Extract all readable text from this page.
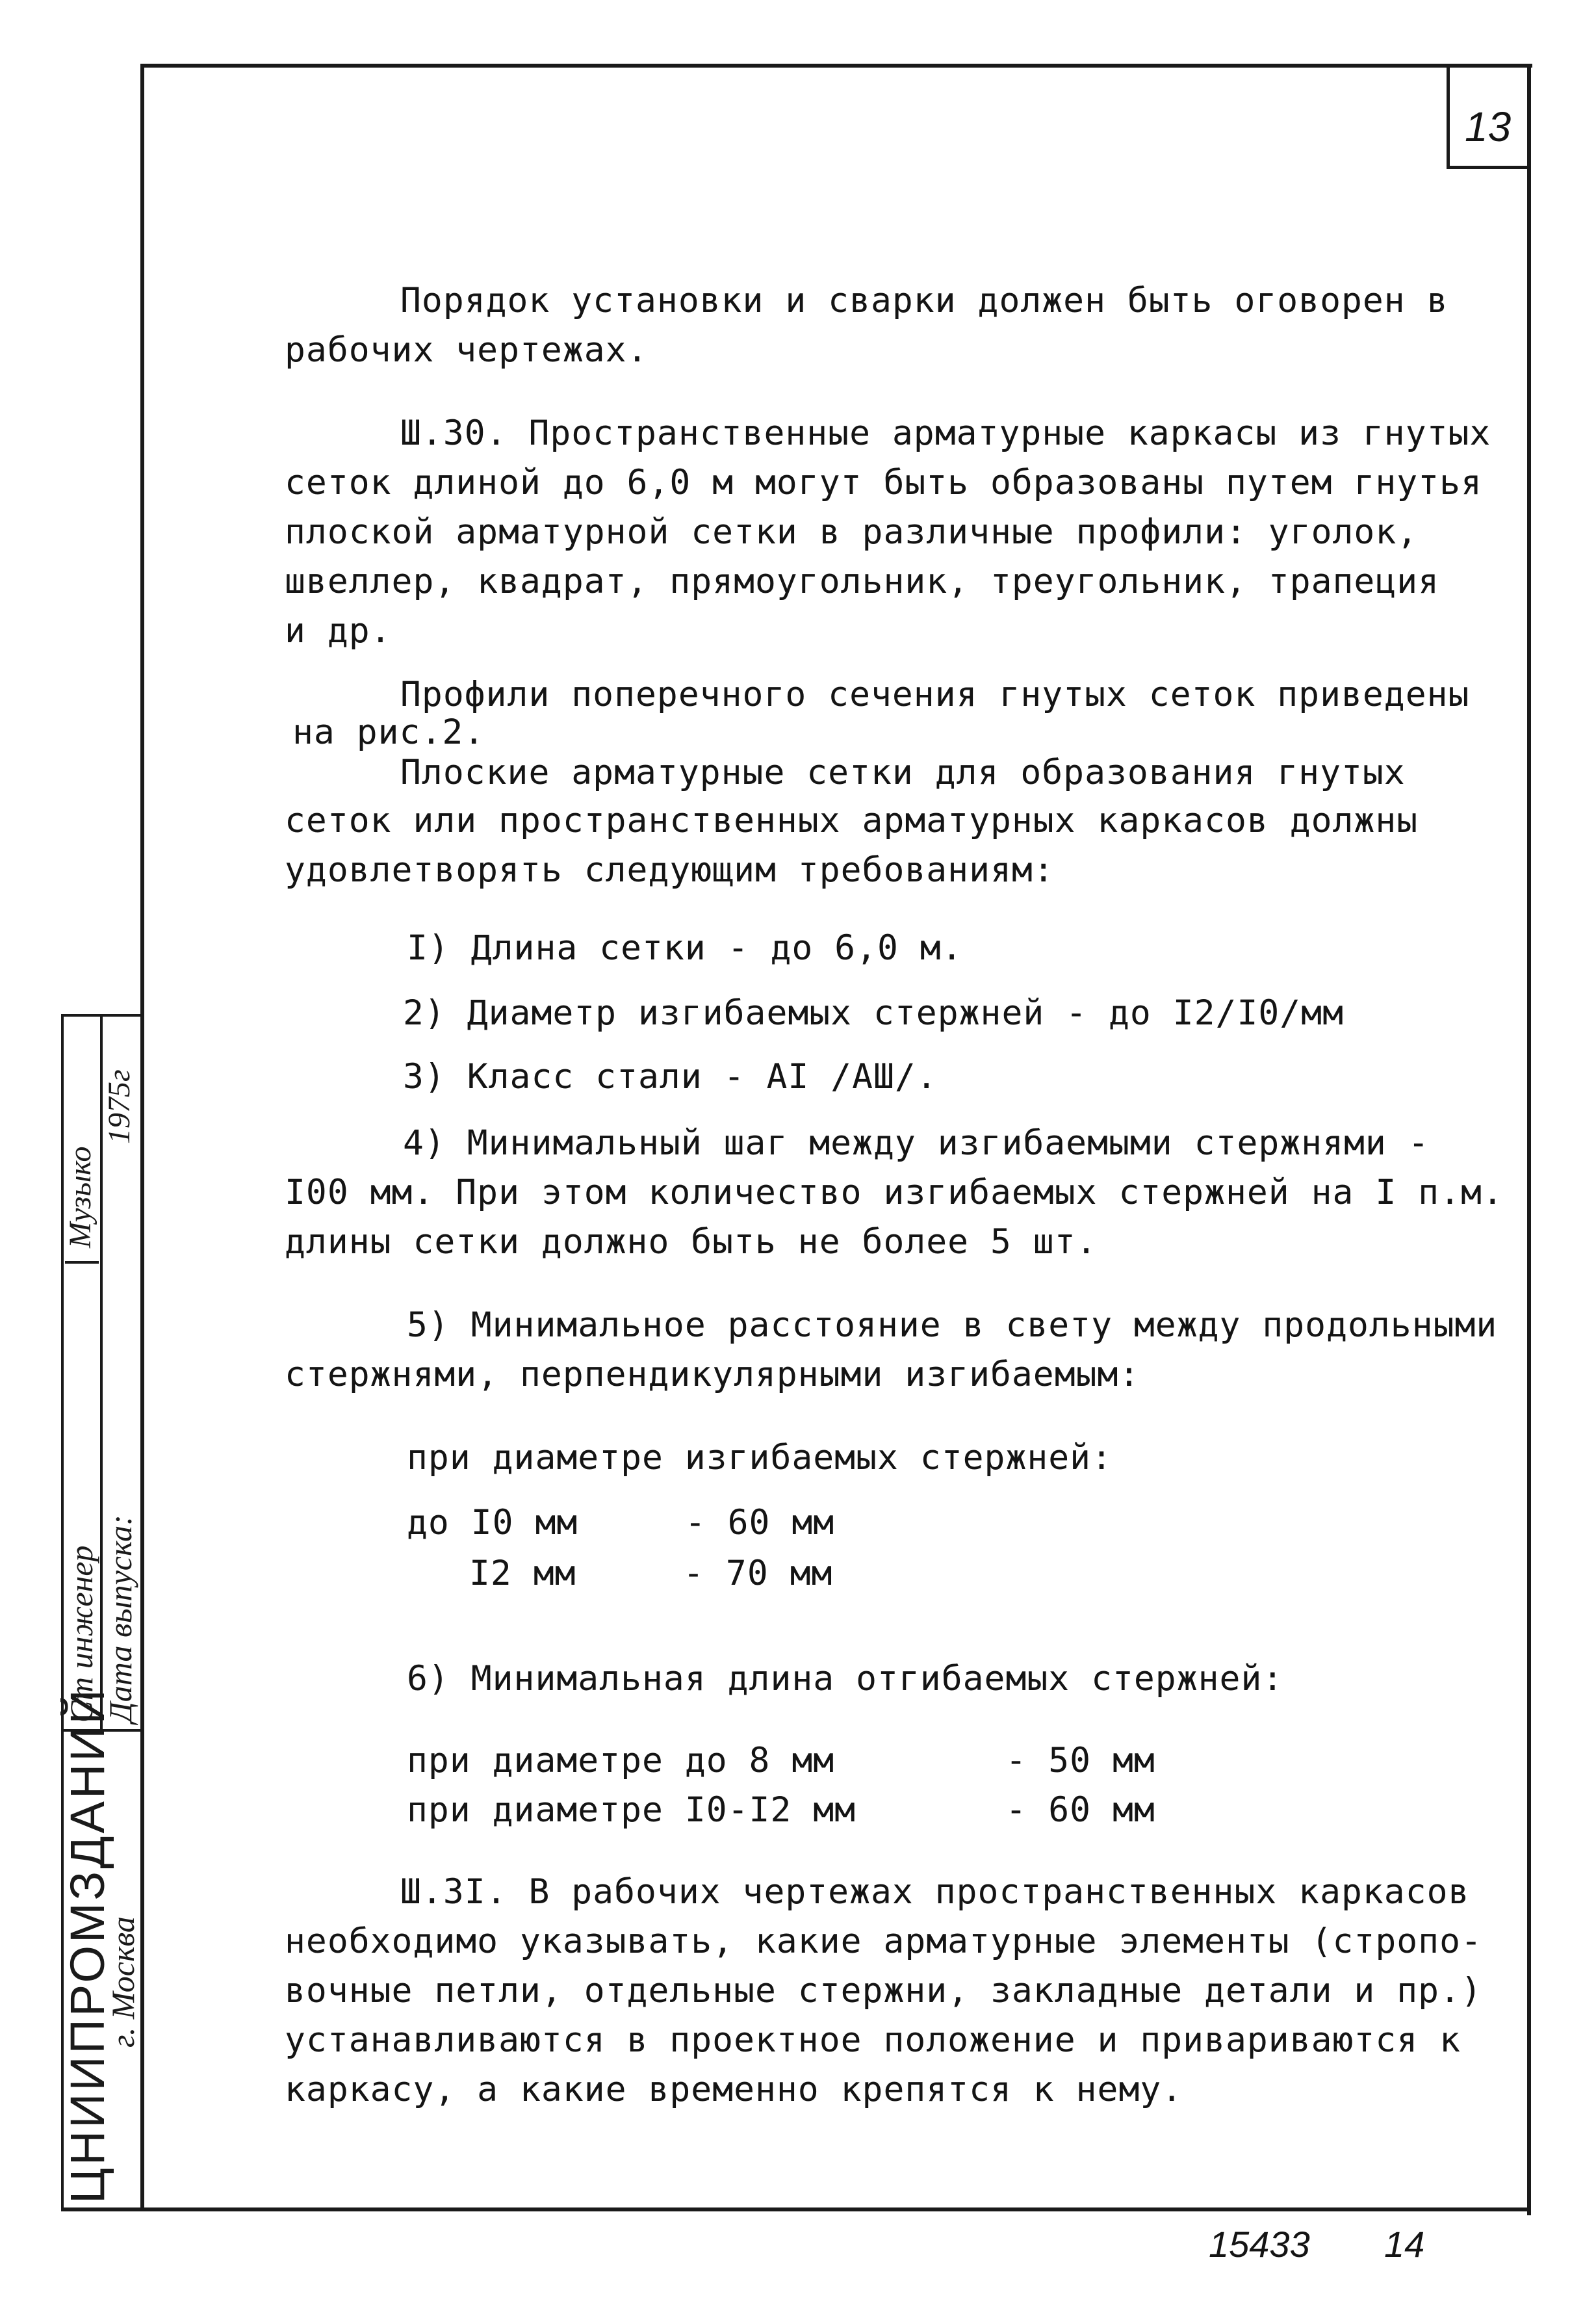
13
Порядок установки и сварки должен быть оговорен в
рабочих чертежах.
Ш.30. Пространственные арматурные каркасы из гнутых
сеток длиной до 6,0 м могут быть образованы путем гнутья
плоской арматурной сетки в различные профили: уголок,
швеллер, квадрат, прямоугольник, треугольник, трапеция
и др.
Профили поперечного сечения гнутых сеток приведены
на рис.2.
Плоские арматурные сетки для образования гнутых
сеток или пространственных арматурных каркасов должны
удовлетворять следующим требованиям:
I) Длина сетки - до 6,0 м.
2) Диаметр изгибаемых стержней - до I2/I0/мм
3) Класс стали - АI /АШ/.
4) Минимальный шаг между изгибаемыми стержнями -
I00 мм. При этом количество изгибаемых стержней на I п.м.
длины сетки должно быть не более 5 шт.
5) Минимальное расстояние в свету между продольными
стержнями, перпендикулярными изгибаемым:
при диаметре изгибаемых стержней:
до I0 мм     - 60 мм
I2 мм     - 70 мм
6) Минимальная длина отгибаемых стержней:
при диаметре до 8 мм        - 50 мм
при диаметре I0-I2 мм       - 60 мм
Ш.3I. В рабочих чертежах пространственных каркасов
необходимо указывать, какие арматурные элементы (стропо-
вочные петли, отдельные стержни, закладные детали и пр.)
устанавливаются в проектное положение и привариваются к
каркасу, а какие временно крепятся к нему.
Ст инженер
Музыко
Дата выпуска:
1975г
ЦНИИПРОМЗДАНИЙ
г. Москва
15433 14
